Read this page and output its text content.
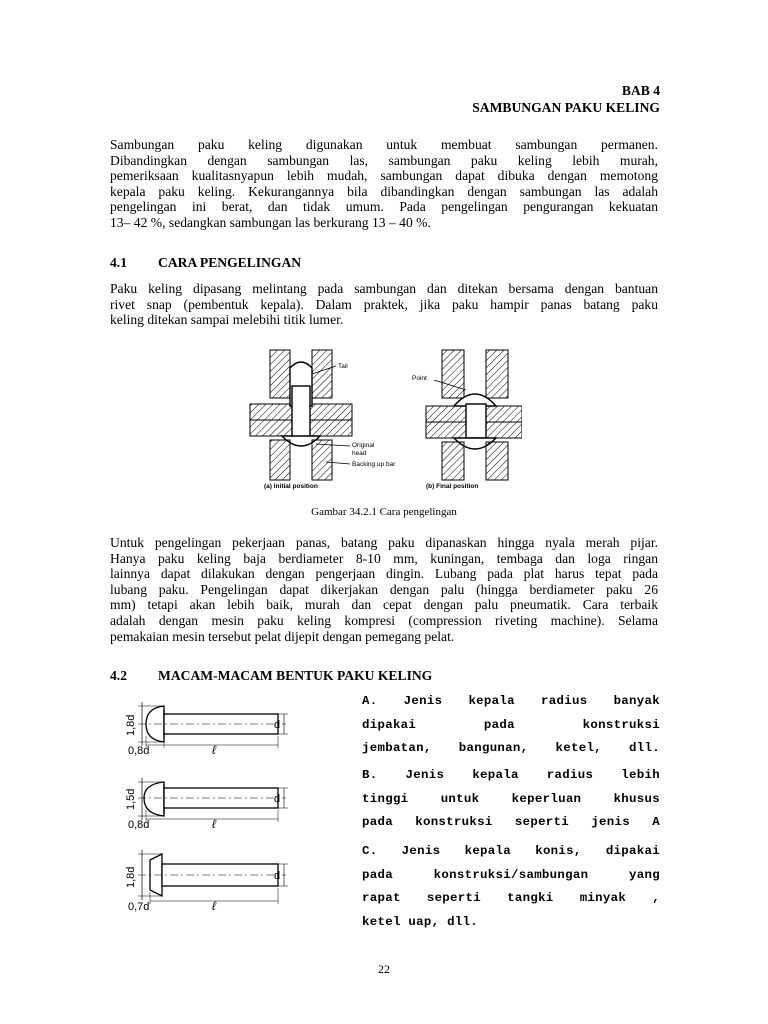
BAB 4
SAMBUNGAN PAKU KELING
Sambungan paku keling digunakan untuk membuat sambungan permanen.
Dibandingkan dengan sambungan las, sambungan paku keling lebih murah,
pemeriksaan kualitasnyapun lebih mudah, sambungan dapat dibuka dengan memotong
kepala paku keling. Kekurangannya bila dibandingkan dengan sambungan las adalah
pengelingan ini berat, dan tidak umum. Pada pengelingan pengurangan kekuatan
13– 42 %, sedangkan sambungan las berkurang 13 – 40 %.
4.1 CARA PENGELINGAN
Paku keling dipasang melintang pada sambungan dan ditekan bersama dengan bantuan
rivet snap (pembentuk kepala). Dalam praktek, jika paku hampir panas batang paku
keling ditekan sampai melebihi titik lumer.
Tail
Original
head
Backing up bar
(a) Initial position
Point
(b) Final position
Gambar 34.2.1 Cara pengelingan
Untuk pengelingan pekerjaan panas, batang paku dipanaskan hingga nyala merah pijar.
Hanya paku keling baja berdiameter 8-10 mm, kuningan, tembaga dan loga ringan
lainnya dapat dilakukan dengan pengerjaan dingin. Lubang pada plat harus tepat pada
lubang paku. Pengelingan dapat dikerjakan dengan palu (hingga berdiameter paku 26
mm) tetapi akan lebih baik, murah dan cepat dengan palu pneumatik. Cara terbaik
adalah dengan mesin paku keling kompresi (compression riveting machine). Selama
pemakaian mesin tersebut pelat dijepit dengan pemegang pelat.
4.2 MACAM-MACAM BENTUK PAKU KELING
1,8d
0,8d	ℓ
d
1,5d
0,8d	ℓ
d
1,8d
0,7d	ℓ
d
A. Jenis kepala radius banyak
dipakai pada konstruksi
jembatan, bangunan, ketel, dll.
B. Jenis kepala radius lebih
tinggi untuk keperluan khusus
pada konstruksi seperti jenis A
C. Jenis kepala konis, dipakai
pada konstruksi/sambungan yang
rapat seperti tangki minyak ,
ketel uap, dll.
22
